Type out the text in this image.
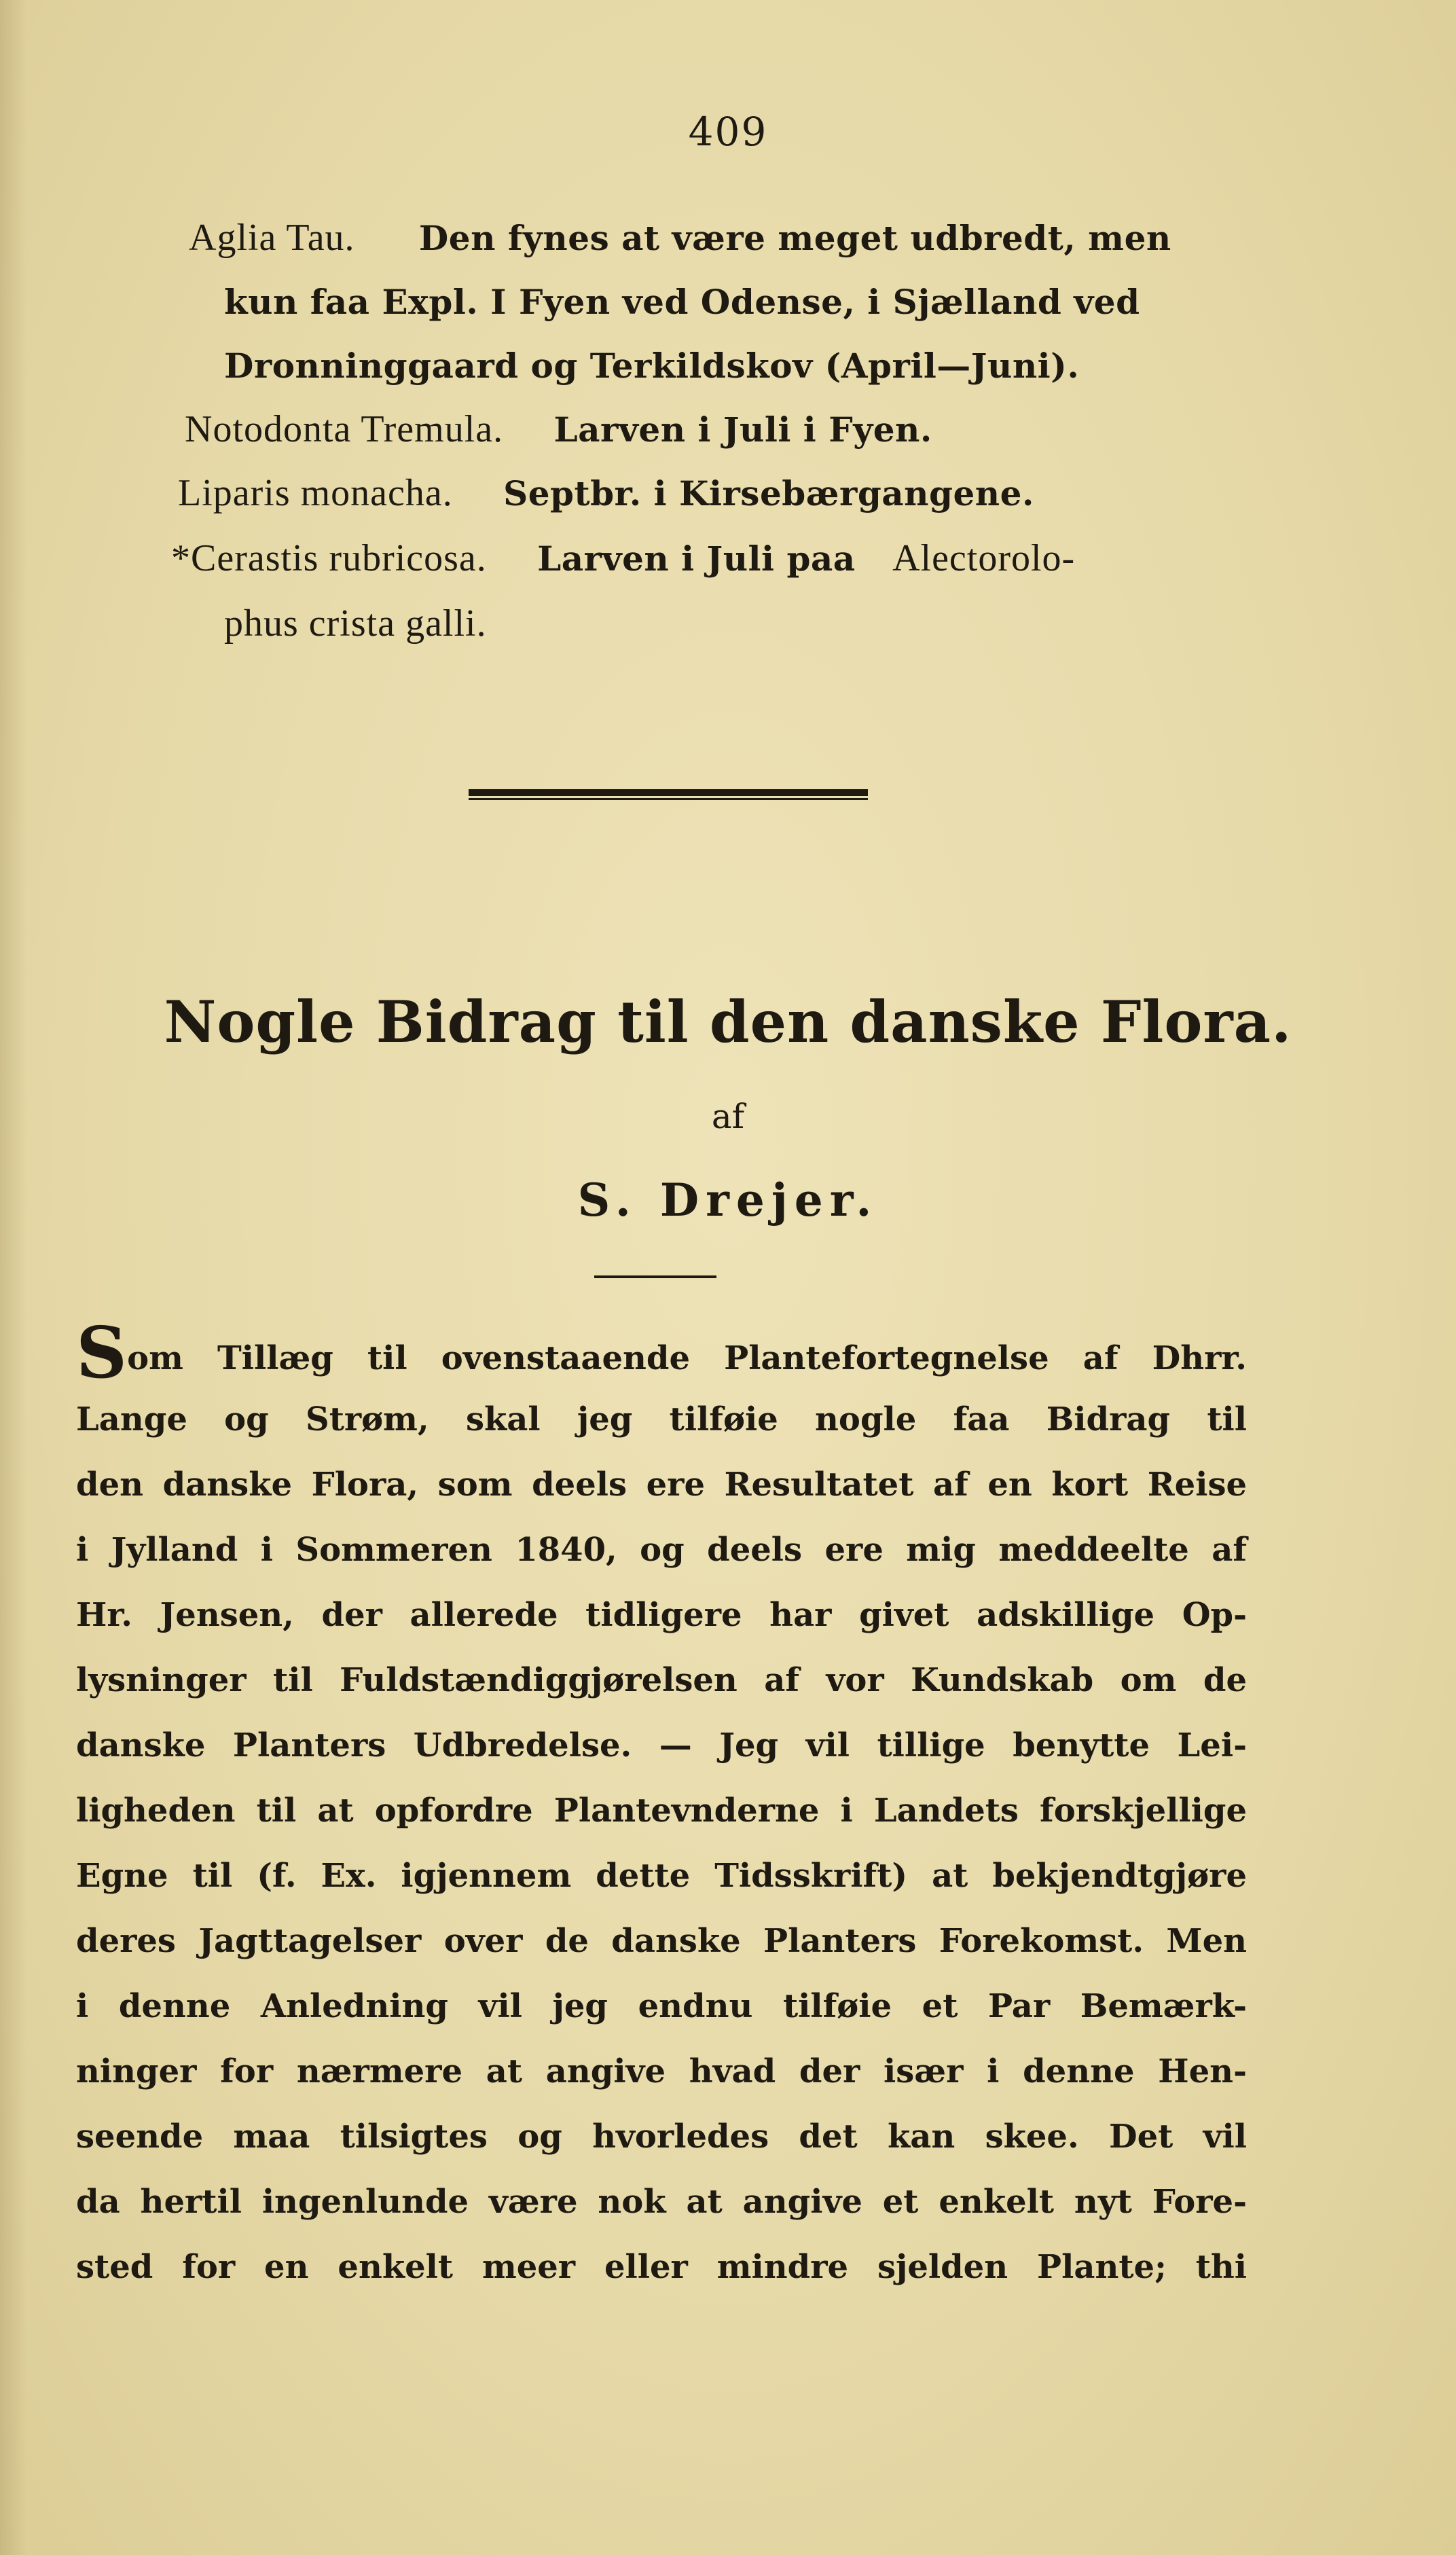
409
Aglia Tau. Den fynes at være meget udbredt, men
kun faa Expl. I Fyen ved Odense, i Sjælland ved
Dronninggaard og Terkildskov (April—Juni).
Notodonta Tremula. Larven i Juli i Fyen.
Liparis monacha. Septbr. i Kirsebærgangene.
*Cerastis rubricosa. Larven i Juli paa Alectorolo-
phus crista galli.
Nogle Bidrag til den danske Flora.
af
S. Drejer.
Som Tillæg til ovenstaaende Plantefortegnelse af Dhrr.
Lange og Strøm, skal jeg tilføie nogle faa Bidrag til
den danske Flora, som deels ere Resultatet af en kort Reise
i Jylland i Sommeren 1840, og deels ere mig meddeelte af
Hr. Jensen, der allerede tidligere har givet adskillige Op-
lysninger til Fuldstændiggjørelsen af vor Kundskab om de
danske Planters Udbredelse. — Jeg vil tillige benytte Lei-
ligheden til at opfordre Plantevnderne i Landets forskjellige
Egne til (f. Ex. igjennem dette Tidsskrift) at bekjendtgjøre
deres Jagttagelser over de danske Planters Forekomst. Men
i denne Anledning vil jeg endnu tilføie et Par Bemærk-
ninger for nærmere at angive hvad der især i denne Hen-
seende maa tilsigtes og hvorledes det kan skee. Det vil
da hertil ingenlunde være nok at angive et enkelt nyt Fore-
sted for en enkelt meer eller mindre sjelden Plante; thi
